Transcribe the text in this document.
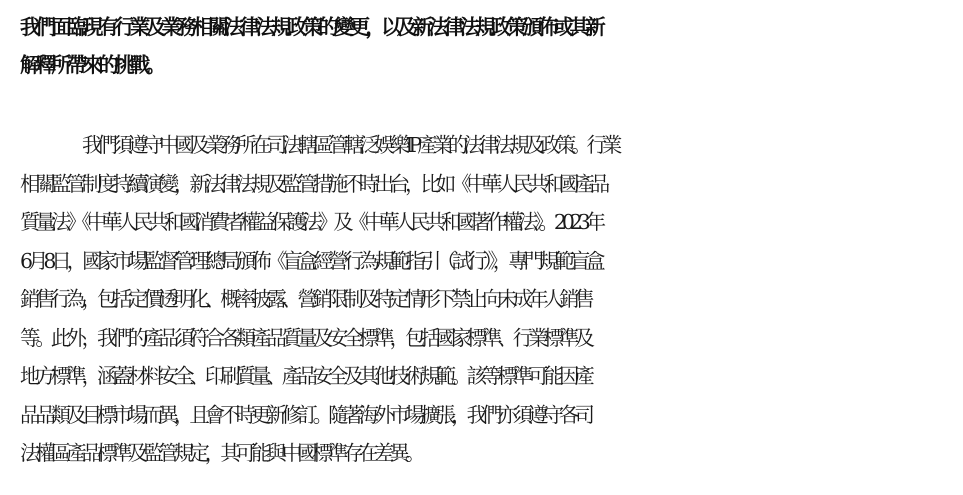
我們面臨現有行業及業務相關法律法規政策的變更，以及新法律法規政策頒佈或其新
解釋所帶來的挑戰。

我們須遵守中國及業務所在司法轄區管轄泛娛樂IP產業的法律法規及政策。行業
相關監管制度持續演變，新法律法規及監管措施不時出台，比如《中華人民共和國產品
質量法》《中華人民共和國消費者權益保護法》及《中華人民共和國著作權法》。2023年
6月8日，國家市場監督管理總局頒佈《盲盒經營行為規範指引（試行）》，專門規範盲盒
銷售行為，包括定價透明化、概率披露、營銷限制及特定情形下禁止向未成年人銷售
等。此外，我們的產品須符合各類產品質量及安全標準，包括國家標準、行業標準及
地方標準，涵蓋材料安全、印刷質量、產品安全及其他技術規範。該等標準可能因產
品品類及目標市場而異，且會不時更新修訂。隨著海外市場擴張，我們亦須遵守各司
法權區產品標準及監管規定，其可能與中國標準存在差異。
